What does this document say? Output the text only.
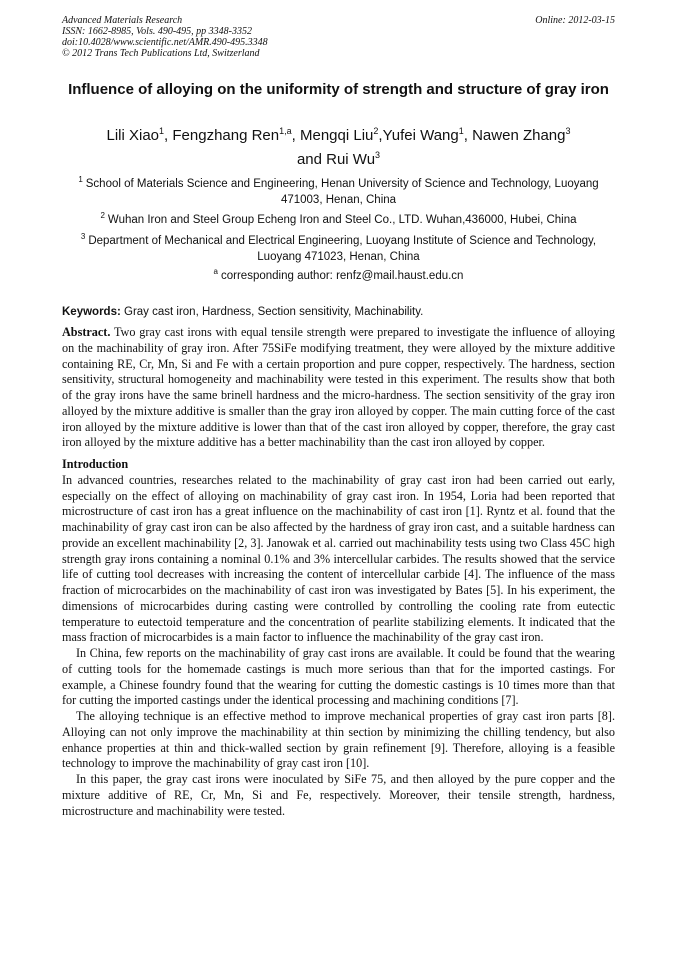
Advanced Materials Research
ISSN: 1662-8985, Vols. 490-495, pp 3348-3352
doi:10.4028/www.scientific.net/AMR.490-495.3348
© 2012 Trans Tech Publications Ltd, Switzerland
Online: 2012-03-15
Influence of alloying on the uniformity of strength and structure of gray iron
Lili Xiao$^1$, Fengzhang Ren$^{1,a}$, Mengqi Liu$^2$,Yufei Wang$^1$, Nawen Zhang$^3$
and Rui Wu$^3$
$^1$ School of Materials Science and Engineering, Henan University of Science and Technology, Luoyang 471003, Henan, China
$^2$ Wuhan Iron and Steel Group Echeng Iron and Steel Co., LTD. Wuhan,436000, Hubei, China
$^3$ Department of Mechanical and Electrical Engineering, Luoyang Institute of Science and Technology, Luoyang 471023, Henan, China
$^a$ corresponding author: renfz@mail.haust.edu.cn
Keywords: Gray cast iron, Hardness, Section sensitivity, Machinability.

Abstract. Two gray cast irons with equal tensile strength were prepared to investigate the influence of alloying on the machinability of gray iron. After 75SiFe modifying treatment, they were alloyed by the mixture additive containing RE, Cr, Mn, Si and Fe with a certain proportion and pure copper, respectively. The hardness, section sensitivity, structural homogeneity and machinability were tested in this experiment. The results show that both of the gray irons have the same brinell hardness and the micro-hardness. The section sensitivity of the gray iron alloyed by the mixture additive is smaller than the gray iron alloyed by copper. The main cutting force of the cast iron alloyed by the mixture additive is lower than that of the cast iron alloyed by copper, therefore, the gray cast iron alloyed by the mixture additive has a better machinability than the cast iron alloyed by copper.

Introduction

In advanced countries, researches related to the machinability of gray cast iron had been carried out early, especially on the effect of alloying on machinability of gray cast iron. In 1954, Loria had been reported that microstructure of cast iron has a great influence on the machinability of cast iron [1]. Ryntz et al. found that the machinability of gray cast iron can be also affected by the hardness of gray iron cast, and a suitable hardness can provide an excellent machinability [2, 3]. Janowak et al. carried out machinability tests using two Class 45C high strength gray irons containing a nominal 0.1% and 3% intercellular carbides. The results showed that the service life of cutting tool decreases with increasing the content of intercellular carbide [4]. The influence of the mass fraction of microcarbides on the machinability of cast iron was investigated by Bates [5]. In his experiment, the dimensions of microcarbides during casting were controlled by controlling the cooling rate from eutectic temperature to eutectoid temperature and the concentration of pearlite stabilizing elements. It indicated that the mass fraction of microcarbides is a main factor to influence the machinability of the gray cast iron.

In China, few reports on the machinability of gray cast irons are available. It could be found that the wearing of cutting tools for the homemade castings is much more serious than that for the imported castings. For example, a Chinese foundry found that the wearing for cutting the domestic castings is 10 times more than that for cutting the imported castings under the identical processing and machining conditions [7].

The alloying technique is an effective method to improve mechanical properties of gray cast iron parts [8]. Alloying can not only improve the machinability at thin section by minimizing the chilling tendency, but also enhance properties at thin and thick-walled section by grain refinement [9]. Therefore, alloying is a feasible technology to improve the machinability of gray cast iron [10].

In this paper, the gray cast irons were inoculated by SiFe 75, and then alloyed by the pure copper and the mixture additive of RE, Cr, Mn, Si and Fe, respectively. Moreover, their tensile strength, hardness, microstructure and machinability were tested.
